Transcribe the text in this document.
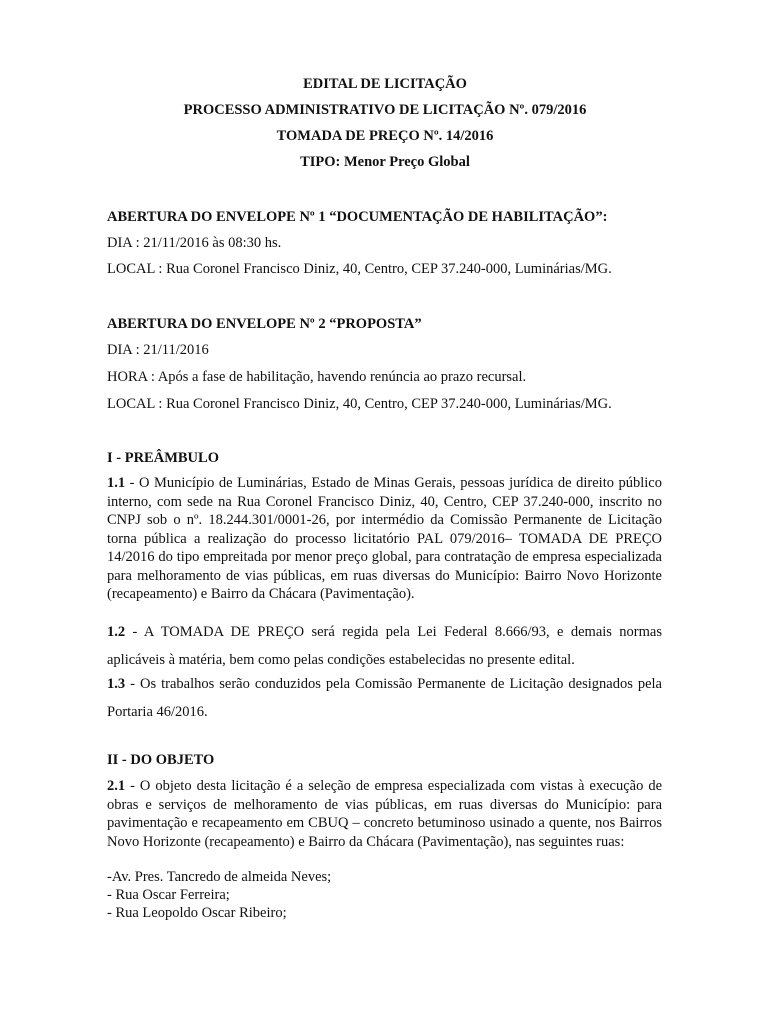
EDITAL DE LICITAÇÃO
PROCESSO ADMINISTRATIVO DE LICITAÇÃO Nº. 079/2016
TOMADA DE PREÇO Nº. 14/2016
TIPO: Menor Preço Global
ABERTURA DO ENVELOPE Nº 1 “DOCUMENTAÇÃO DE HABILITAÇÃO”:
DIA : 21/11/2016 às 08:30 hs.
LOCAL : Rua Coronel Francisco Diniz, 40, Centro, CEP 37.240-000, Luminárias/MG.
ABERTURA DO ENVELOPE Nº 2 “PROPOSTA”
DIA : 21/11/2016
HORA : Após a fase de habilitação, havendo renúncia ao prazo recursal.
LOCAL : Rua Coronel Francisco Diniz, 40, Centro, CEP 37.240-000, Luminárias/MG.
I - PREÂMBULO
1.1 - O Município de Luminárias, Estado de Minas Gerais, pessoas jurídica de direito público interno, com sede na Rua Coronel Francisco Diniz, 40, Centro, CEP 37.240-000, inscrito no CNPJ sob o nº. 18.244.301/0001-26, por intermédio da Comissão Permanente de Licitação torna pública a realização do processo licitatório PAL 079/2016– TOMADA DE PREÇO 14/2016 do tipo empreitada por menor preço global, para contratação de empresa especializada para melhoramento de vias públicas, em ruas diversas do Município: Bairro Novo Horizonte (recapeamento) e Bairro da Chácara (Pavimentação).
1.2 - A TOMADA DE PREÇO será regida pela Lei Federal 8.666/93, e demais normas aplicáveis à matéria, bem como pelas condições estabelecidas no presente edital.
1.3 - Os trabalhos serão conduzidos pela Comissão Permanente de Licitação designados pela Portaria 46/2016.
II - DO OBJETO
2.1 - O objeto desta licitação é a seleção de empresa especializada com vistas à execução de obras e serviços de melhoramento de vias públicas, em ruas diversas do Município: para pavimentação e recapeamento em CBUQ – concreto betuminoso usinado a quente, nos Bairros Novo Horizonte (recapeamento) e Bairro da Chácara (Pavimentação), nas seguintes ruas:
-Av. Pres. Tancredo de almeida Neves;
- Rua Oscar Ferreira;
- Rua Leopoldo Oscar Ribeiro;
